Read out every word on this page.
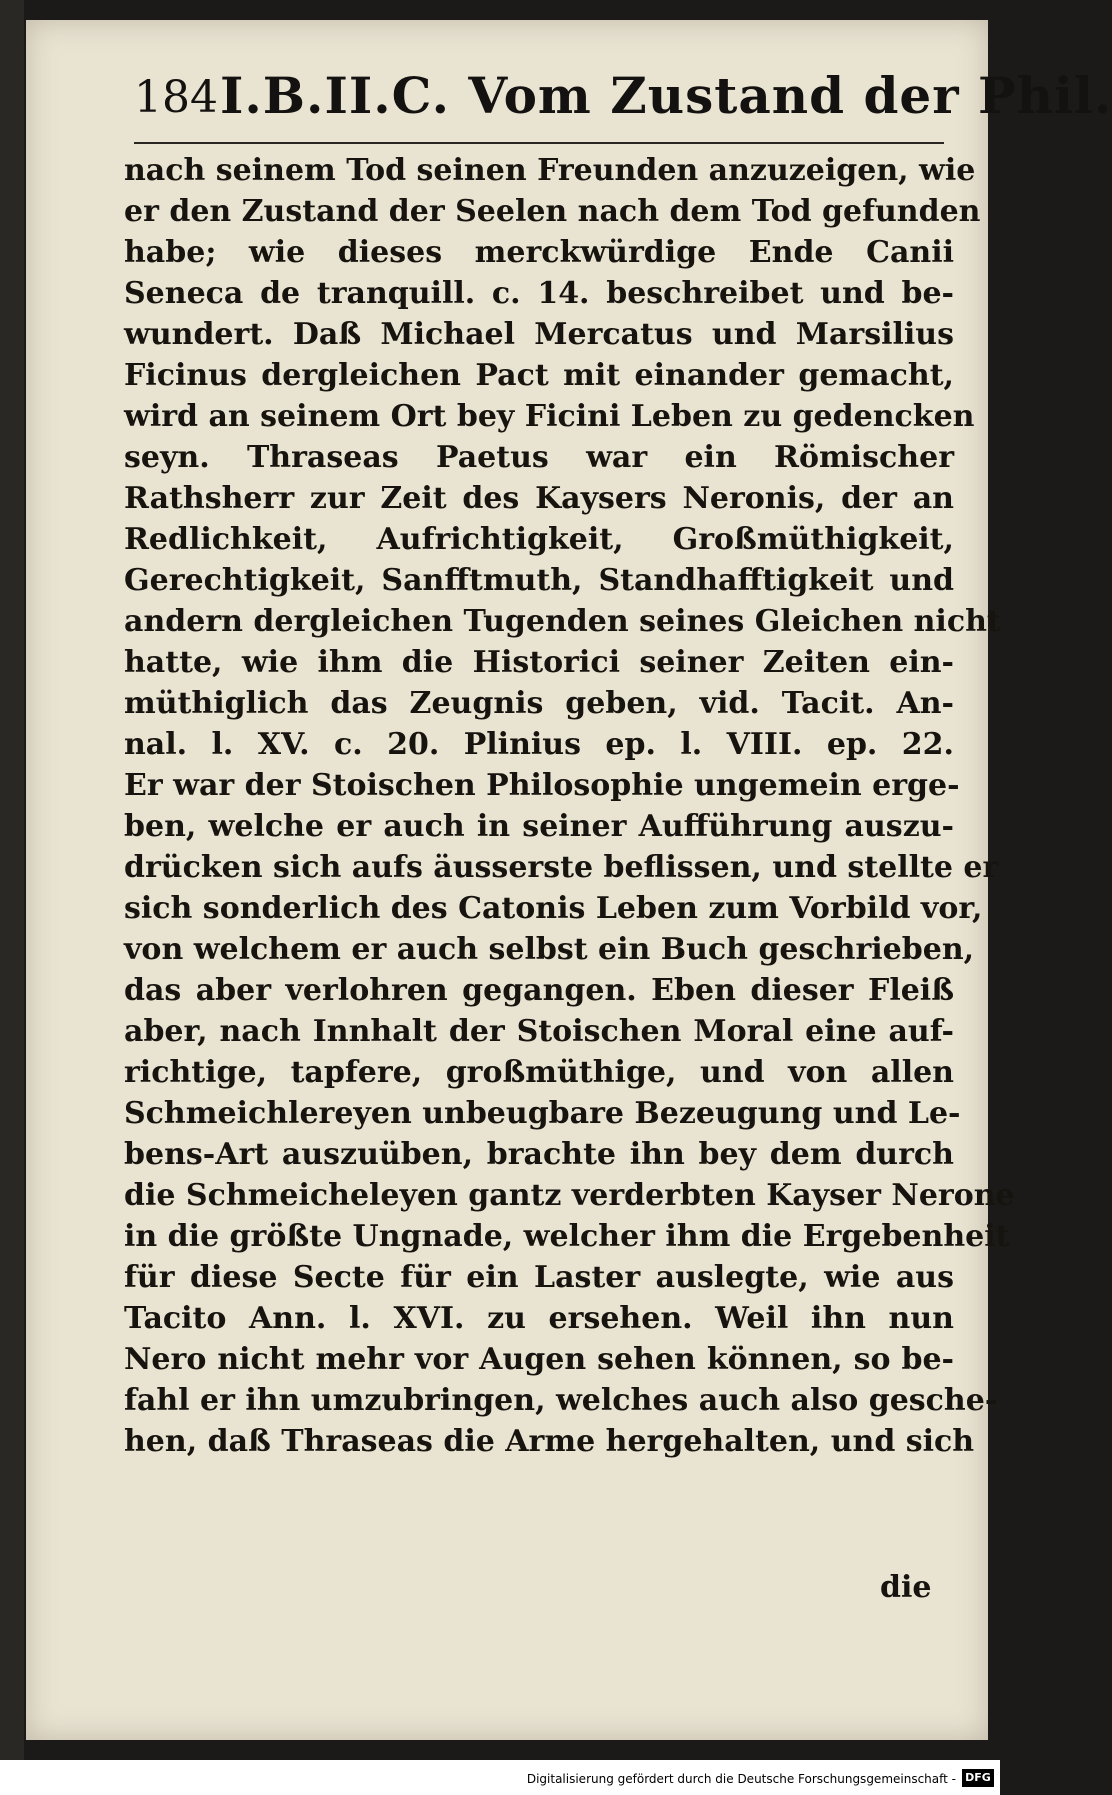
184 I.B.II.C. Vom Zustand der Phil.
nach seinem Tod seinen Freunden anzuzeigen, wie
er den Zustand der Seelen nach dem Tod gefunden
habe; wie dieses merckwürdige Ende Canii
Seneca de tranquill. c. 14. beschreibet und be-
wundert. Daß Michael Mercatus und Marsilius
Ficinus dergleichen Pact mit einander gemacht,
wird an seinem Ort bey Ficini Leben zu gedencken
seyn. Thraseas Paetus war ein Römischer
Rathsherr zur Zeit des Kaysers Neronis, der an
Redlichkeit, Aufrichtigkeit, Großmüthigkeit,
Gerechtigkeit, Sanfftmuth, Standhafftigkeit und
andern dergleichen Tugenden seines Gleichen nicht
hatte, wie ihm die Historici seiner Zeiten ein-
müthiglich das Zeugnis geben, vid. Tacit. An-
nal. l. XV. c. 20. Plinius ep. l. VIII. ep. 22.
Er war der Stoischen Philosophie ungemein erge-
ben, welche er auch in seiner Aufführung auszu-
drücken sich aufs äusserste beflissen, und stellte er
sich sonderlich des Catonis Leben zum Vorbild vor,
von welchem er auch selbst ein Buch geschrieben,
das aber verlohren gegangen. Eben dieser Fleiß
aber, nach Innhalt der Stoischen Moral eine auf-
richtige, tapfere, großmüthige, und von allen
Schmeichlereyen unbeugbare Bezeugung und Le-
bens-Art auszuüben, brachte ihn bey dem durch
die Schmeicheleyen gantz verderbten Kayser Nerone
in die größte Ungnade, welcher ihm die Ergebenheit
für diese Secte für ein Laster auslegte, wie aus
Tacito Ann. l. XVI. zu ersehen. Weil ihn nun
Nero nicht mehr vor Augen sehen können, so be-
fahl er ihn umzubringen, welches auch also gesche-
hen, daß Thraseas die Arme hergehalten, und sich
die
Digitalisierung gefördert durch die Deutsche Forschungsgemeinschaft - DFG
